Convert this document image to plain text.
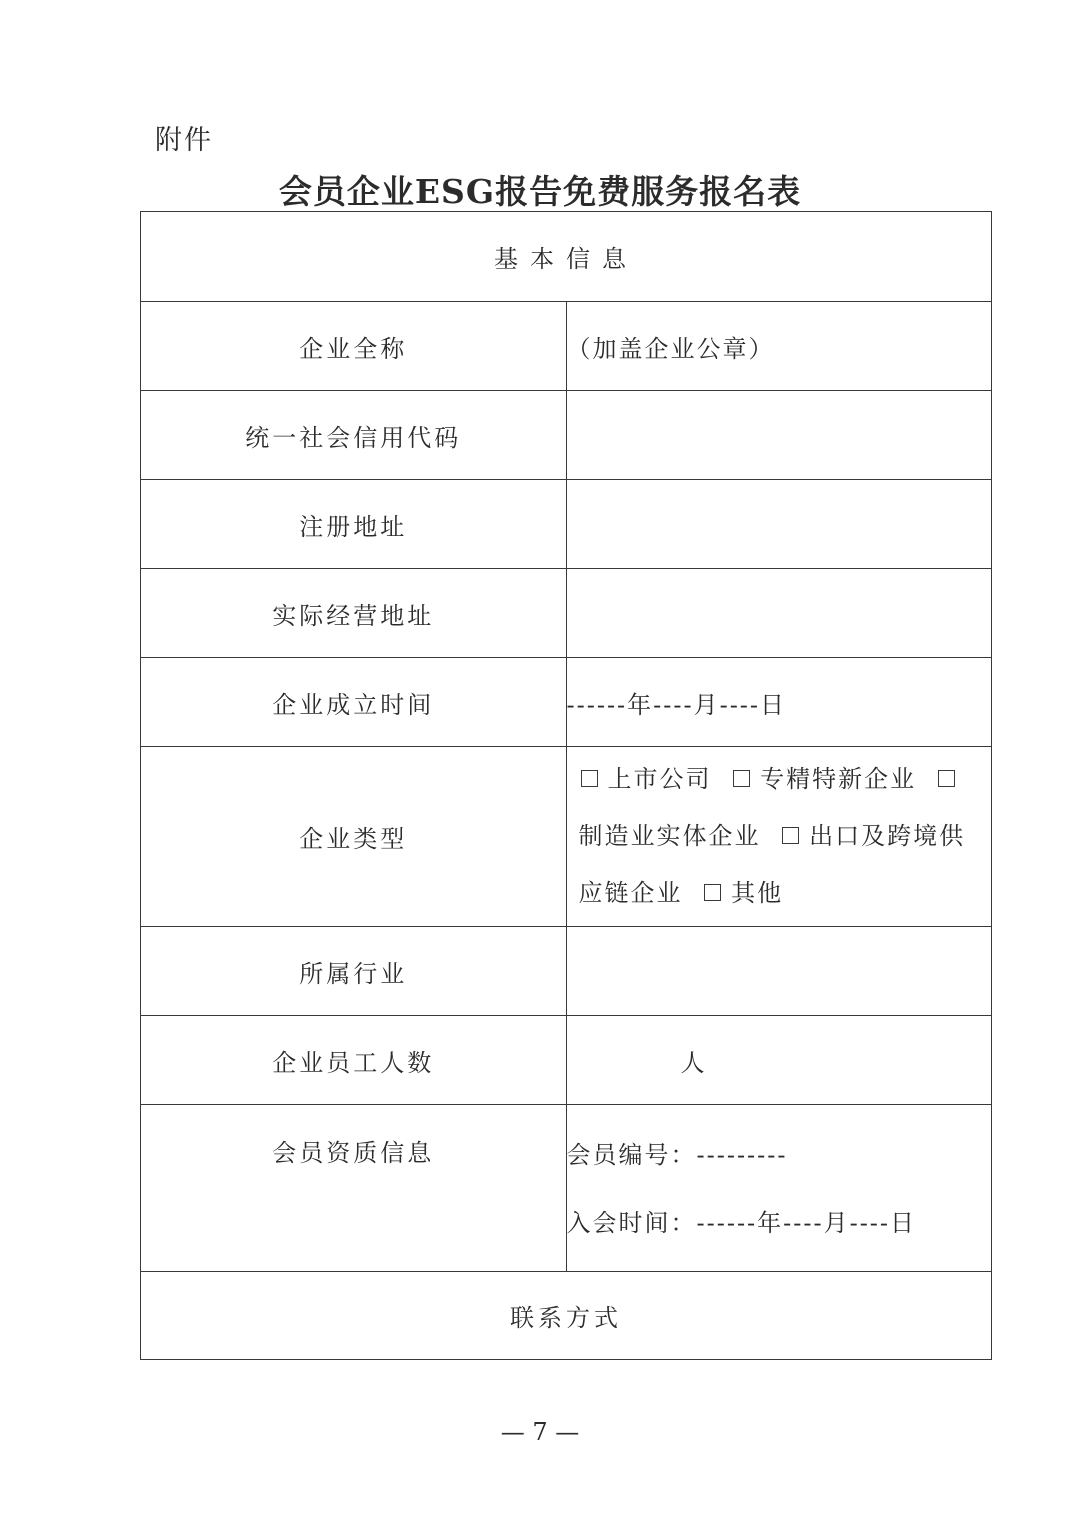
附件
会员企业ESG报告免费服务报名表
基本信息	
企业全称	（加盖企业公章）
统一社会信用代码	
注册地址	
实际经营地址	
企业成立时间	------年----月----日
企业类型	上市公司 专精特新企业 制造业实体企业 出口及跨境供应链企业 其他
所属行业	
企业员工人数	人
会员资质信息	会员编号：---------
入会时间：------年----月----日

联系方式	
— 7 —
